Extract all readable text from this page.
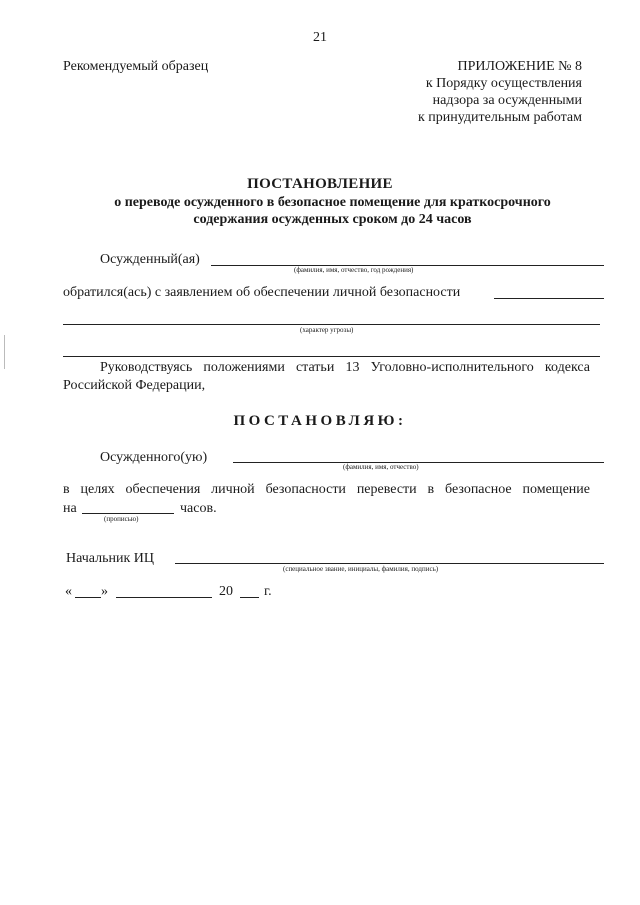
21
Рекомендуемый образец	ПРИЛОЖЕНИЕ № 8
к Порядку осуществления
надзора за осужденными
к принудительным работам
ПОСТАНОВЛЕНИЕ
о переводе осужденного в безопасное помещение для краткосрочного
содержания осужденных сроком до 24 часов
Осужденный(ая)
(фамилия, имя, отчество, год рождения)
обратился(ась) с заявлением об обеспечении личной безопасности
(характер угрозы)
Руководствуясь положениями статьи 13 Уголовно-исполнительного кодекса Российской Федерации,
ПОСТАНОВЛЯЮ:
Осужденного(ую)
(фамилия, имя, отчество)
в целях обеспечения личной безопасности перевести в безопасное помещение
на	часов.
(прописью)
Начальник ИЦ
(специальное звание, инициалы, фамилия, подпись)
« »	20 г.
